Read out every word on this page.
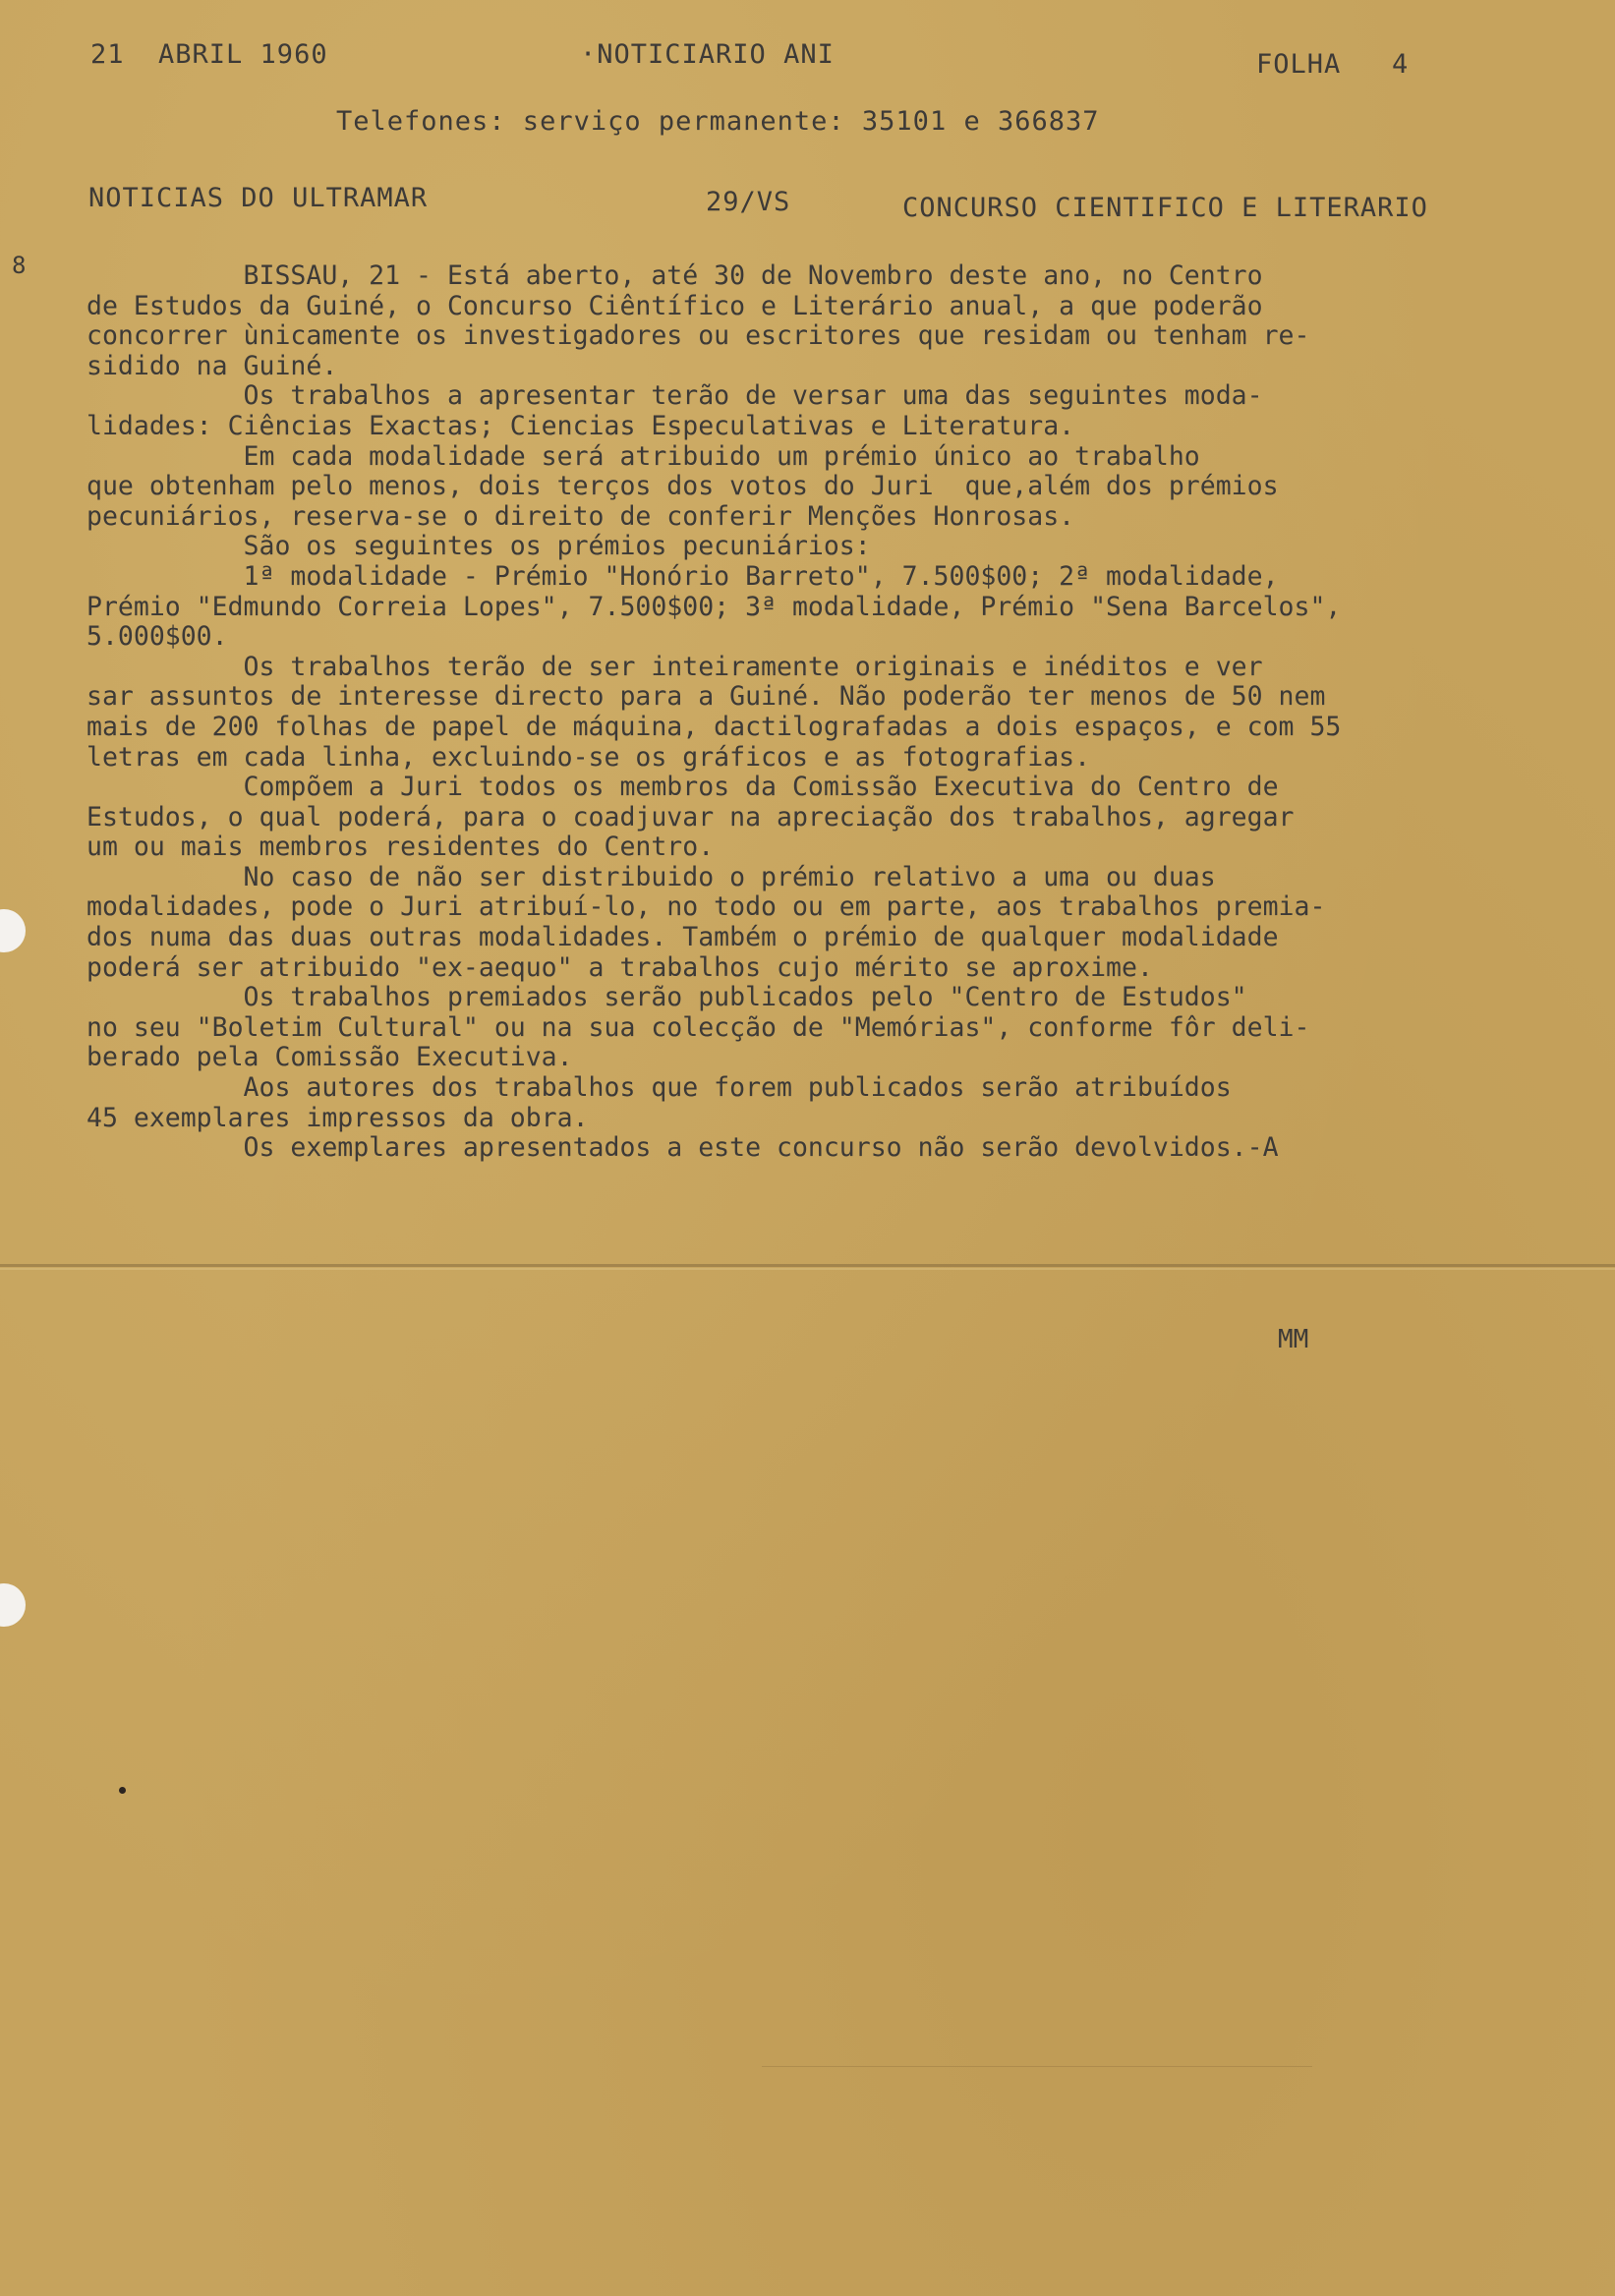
21  ABRIL 1960	·NOTICIARIO ANI	FOLHA   4
Telefones: serviço permanente: 35101 e 366837
NOTICIAS DO ULTRAMAR	29/VS	CONCURSO CIENTIFICO E LITERARIO
8 BISSAU, 21 - Está aberto, até 30 de Novembro deste ano, no Centro
de Estudos da Guiné, o Concurso Ciêntífico e Literário anual, a que poderão
concorrer ùnicamente os investigadores ou escritores que residam ou tenham re-
sidido na Guiné.
Os trabalhos a apresentar terão de versar uma das seguintes moda-
lidades: Ciências Exactas; Ciencias Especulativas e Literatura.
Em cada modalidade será atribuido um prémio único ao trabalho
que obtenham pelo menos, dois terços dos votos do Juri  que,além dos prémios
pecuniários, reserva-se o direito de conferir Menções Honrosas.
São os seguintes os prémios pecuniários:
1ª modalidade - Prémio "Honório Barreto", 7.500$00; 2ª modalidade,
Prémio "Edmundo Correia Lopes", 7.500$00; 3ª modalidade, Prémio "Sena Barcelos",
5.000$00.
Os trabalhos terão de ser inteiramente originais e inéditos e ver
sar assuntos de interesse directo para a Guiné. Não poderão ter menos de 50 nem
mais de 200 folhas de papel de máquina, dactilografadas a dois espaços, e com 55
letras em cada linha, excluindo-se os gráficos e as fotografias.
Compõem a Juri todos os membros da Comissão Executiva do Centro de
Estudos, o qual poderá, para o coadjuvar na apreciação dos trabalhos, agregar
um ou mais membros residentes do Centro.
No caso de não ser distribuido o prémio relativo a uma ou duas
modalidades, pode o Juri atribuí-lo, no todo ou em parte, aos trabalhos premia-
dos numa das duas outras modalidades. Também o prémio de qualquer modalidade
poderá ser atribuido "ex-aequo" a trabalhos cujo mérito se aproxime.
Os trabalhos premiados serão publicados pelo "Centro de Estudos"
no seu "Boletim Cultural" ou na sua colecção de "Memórias", conforme fôr deli-
berado pela Comissão Executiva.
Aos autores dos trabalhos que forem publicados serão atribuídos
45 exemplares impressos da obra.
Os exemplares apresentados a este concurso não serão devolvidos.-A
MM
